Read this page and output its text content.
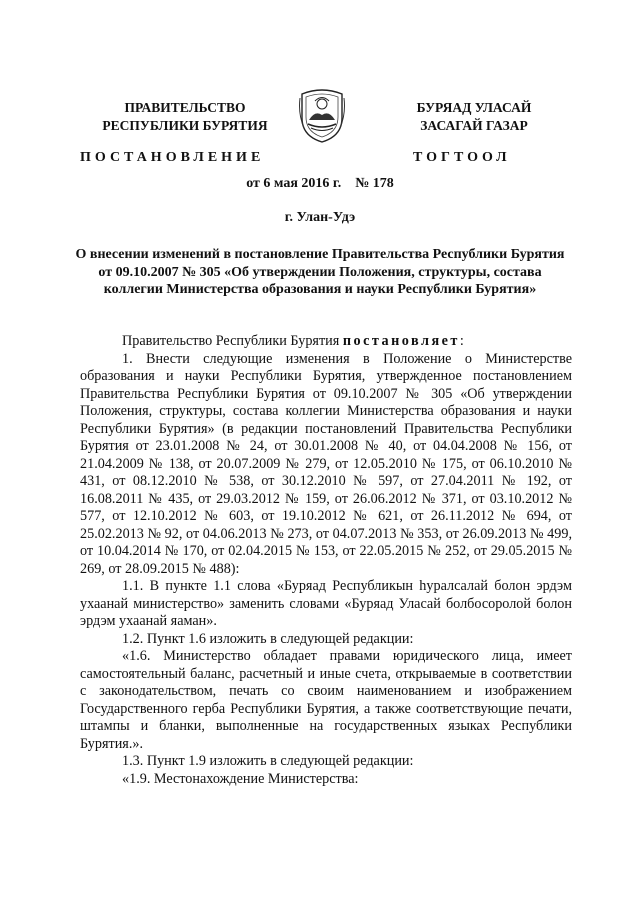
ПРАВИТЕЛЬСТВО
РЕСПУБЛИКИ БУРЯТИЯ
БУРЯАД УЛАСАЙ
ЗАСАГАЙ ГАЗАР
ПОСТАНОВЛЕНИЕ	ТОГТООЛ
от 6 мая 2016 г.    № 178
г. Улан-Удэ
О внесении изменений в постановление Правительства Республики Бурятия от 09.10.2007 № 305 «Об утверждении Положения, структуры, состава коллегии Министерства образования и науки Республики Бурятия»

Правительство Республики Бурятия постановляет:

1. Внести следующие изменения в Положение о Министерстве образования и науки Республики Бурятия, утвержденное постановлением Правительства Республики Бурятия от 09.10.2007 № 305 «Об утверждении Положения, структуры, состава коллегии Министерства образования и науки Республики Бурятия» (в редакции постановлений Правительства Республики Бурятия от 23.01.2008 № 24, от 30.01.2008 № 40, от 04.04.2008 № 156, от 21.04.2009 № 138, от 20.07.2009 № 279, от 12.05.2010 № 175, от 06.10.2010 № 431, от 08.12.2010 № 538, от 30.12.2010 № 597, от 27.04.2011 № 192, от 16.08.2011 № 435, от 29.03.2012 № 159, от 26.06.2012 № 371, от 03.10.2012 № 577, от 12.10.2012 № 603, от 19.10.2012 № 621, от 26.11.2012 № 694, от 25.02.2013 № 92, от 04.06.2013 № 273, от 04.07.2013 № 353, от 26.09.2013 № 499, от 10.04.2014 № 170, от 02.04.2015 № 153, от 22.05.2015 № 252, от 29.05.2015 № 269, от 28.09.2015 № 488):

1.1. В пункте 1.1 слова «Буряад Республикын hуралсалай болон эрдэм ухаанай министерство» заменить словами «Буряад Уласай болбосоролой болон эрдэм ухаанай яаман».

1.2. Пункт 1.6 изложить в следующей редакции:

«1.6. Министерство обладает правами юридического лица, имеет самостоятельный баланс, расчетный и иные счета, открываемые в соответствии с законодательством, печать со своим наименованием и изображением Государственного герба Республики Бурятия, а также соответствующие печати, штампы и бланки, выполненные на государственных языках Республики Бурятия.».

1.3. Пункт 1.9 изложить в следующей редакции:

«1.9. Местонахождение Министерства:
